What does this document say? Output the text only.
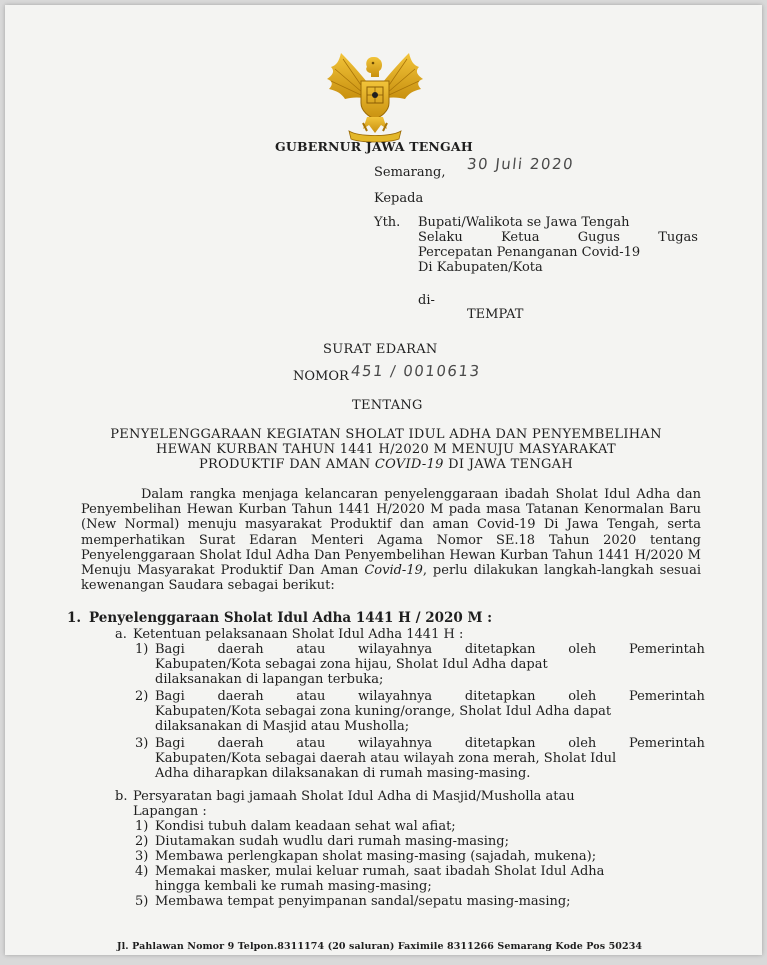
GUBERNUR JAWA TENGAH
Semarang, 30 Juli 2020
Kepada
Yth. Bupati/Walikota se Jawa Tengah
Selaku	Ketua	Gugus	Tugas
Percepatan Penanganan Covid-19
Di Kabupaten/Kota
di-
TEMPAT
SURAT EDARAN
NOMOR 451 / 0010613
TENTANG
PENYELENGGARAAN KEGIATAN SHOLAT IDUL ADHA DAN PENYEMBELIHAN
HEWAN KURBAN TAHUN 1441 H/2020 M MENUJU MASYARAKAT
PRODUKTIF DAN AMAN COVID-19 DI JAWA TENGAH
Dalam rangka menjaga kelancaran penyelenggaraan ibadah Sholat Idul Adha dan Penyembelihan Hewan Kurban Tahun 1441 H/2020 M pada masa Tatanan Kenormalan Baru (New Normal) menuju masyarakat Produktif dan aman Covid-19 Di Jawa Tengah, serta memperhatikan Surat Edaran Menteri Agama Nomor SE.18 Tahun 2020 tentang Penyelenggaraan Sholat Idul Adha Dan Penyembelihan Hewan Kurban Tahun 1441 H/2020 M Menuju Masyarakat Produktif Dan Aman Covid-19, perlu dilakukan langkah-langkah sesuai kewenangan Saudara sebagai berikut:
1. Penyelenggaraan Sholat Idul Adha 1441 H / 2020 M :
a. Ketentuan pelaksanaan Sholat Idul Adha 1441 H :
1) Bagi	daerah	atau	wilayahnya	ditetapkan	oleh	Pemerintah
Kabupaten/Kota sebagai zona hijau, Sholat Idul Adha dapat
dilaksanakan di lapangan terbuka;
2) Bagi	daerah	atau	wilayahnya	ditetapkan	oleh	Pemerintah
Kabupaten/Kota sebagai zona kuning/orange, Sholat Idul Adha dapat
dilaksanakan di Masjid atau Musholla;
3) Bagi	daerah	atau	wilayahnya	ditetapkan	oleh	Pemerintah
Kabupaten/Kota sebagai daerah atau wilayah zona merah, Sholat Idul
Adha diharapkan dilaksanakan di rumah masing-masing.
b. Persyaratan bagi jamaah Sholat Idul Adha di Masjid/Musholla atau
Lapangan :
1) Kondisi tubuh dalam keadaan sehat wal afiat;
2) Diutamakan sudah wudlu dari rumah masing-masing;
3) Membawa perlengkapan sholat masing-masing (sajadah, mukena);
4) Memakai masker, mulai keluar rumah, saat ibadah Sholat Idul Adha
hingga kembali ke rumah masing-masing;
5) Membawa tempat penyimpanan sandal/sepatu masing-masing;
Jl. Pahlawan Nomor 9 Telpon.8311174 (20 saluran) Faximile 8311266 Semarang Kode Pos 50234
